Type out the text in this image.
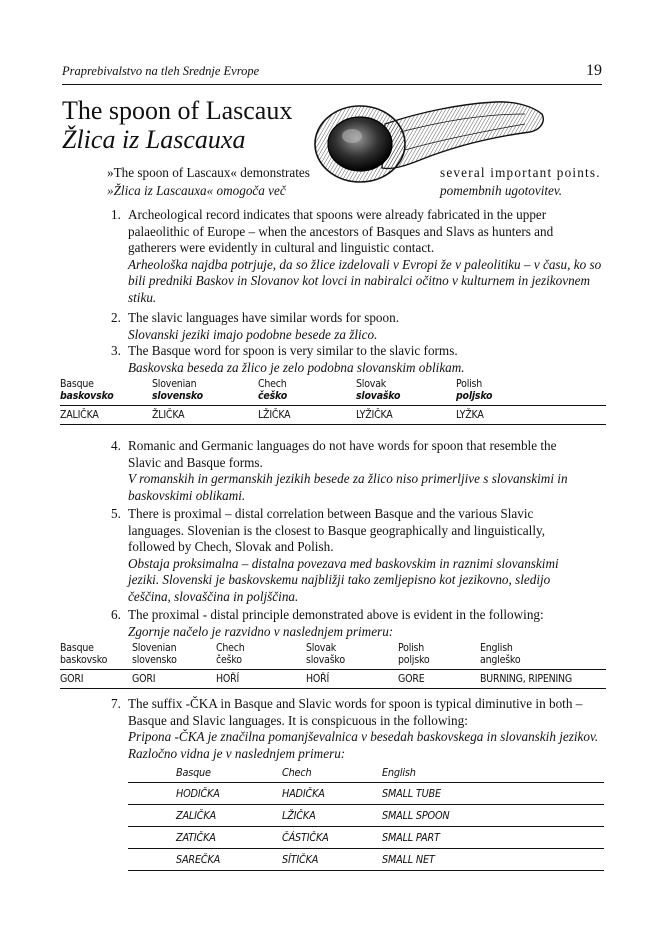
Praprebivalstvo na tleh Srednje Evrope	19
The spoon of Lascaux
Žlica iz Lascauxa
»The spoon of Lascaux« demonstrates	several important points.
»Žlica iz Lascauxa« omogoča več	pomembnih ugotovitev.
1. Archeological record indicates that spoons were already fabricated in the upper palaeolithic of Europe – when the ancestors of Basques and Slavs as hunters and gatherers were evidently in cultural and linguistic contact.
Arheološka najdba potrjuje, da so žlice izdelovali v Evropi že v paleolitiku – v času, ko so bili predniki Baskov in Slovanov kot lovci in nabiralci očitno v kulturnem in jezikovnem stiku.
2. The slavic languages have similar words for spoon.
Slovanski jeziki imajo podobne besede za žlico.
3. The Basque word for spoon is very similar to the slavic forms.
Baskovska beseda za žlico je zelo podobna slovanskim oblikam.
Basque	Slovenian	Chech	Slovak	Polish
baskovsko	slovensko	češko	slovaško	poljsko
ZALIČKA	ŽLIČKA	LŽIČKA	LYŽIČKA	LYŽKA
4. Romanic and Germanic languages do not have words for spoon that resemble the Slavic and Basque forms.
V romanskih in germanskih jezikih besede za žlico niso primerljive s slovanskimi in baskovskimi oblikami.
5. There is proximal – distal correlation between Basque and the various Slavic languages. Slovenian is the closest to Basque geographically and linguistically, followed by Chech, Slovak and Polish.
Obstaja proksimalna – distalna povezava med baskovskim in raznimi slovanskimi jeziki. Slovenski je baskovskemu najbližji tako zemljepisno kot jezikovno, sledijo češčina, slovaščina in poljščina.
6. The proximal - distal principle demonstrated above is evident in the following:
Zgornje načelo je razvidno v naslednjem primeru:
Basque	Slovenian	Chech	Slovak	Polish	English
baskovsko	slovensko	češko	slovaško	poljsko	angleško
GORI	GORI	HOŘÍ	HOŘÍ	GORE	BURNING, RIPENING
7. The suffix -ČKA in Basque and Slavic words for spoon is typical diminutive in both – Basque and Slavic languages. It is conspicuous in the following:
Pripona -ČKA je značilna pomanjševalnica v besedah baskovskega in slovanskih jezikov. Razločno vidna je v naslednjem primeru:
	Basque	Chech	English
	HODIČKA	HADIČKA	SMALL TUBE
	ZALIČKA	LŽIČKA	SMALL SPOON
	ZATIČKA	ČÁSTIČKA	SMALL PART
	SAREČKA	SÍTIČKA	SMALL NET
